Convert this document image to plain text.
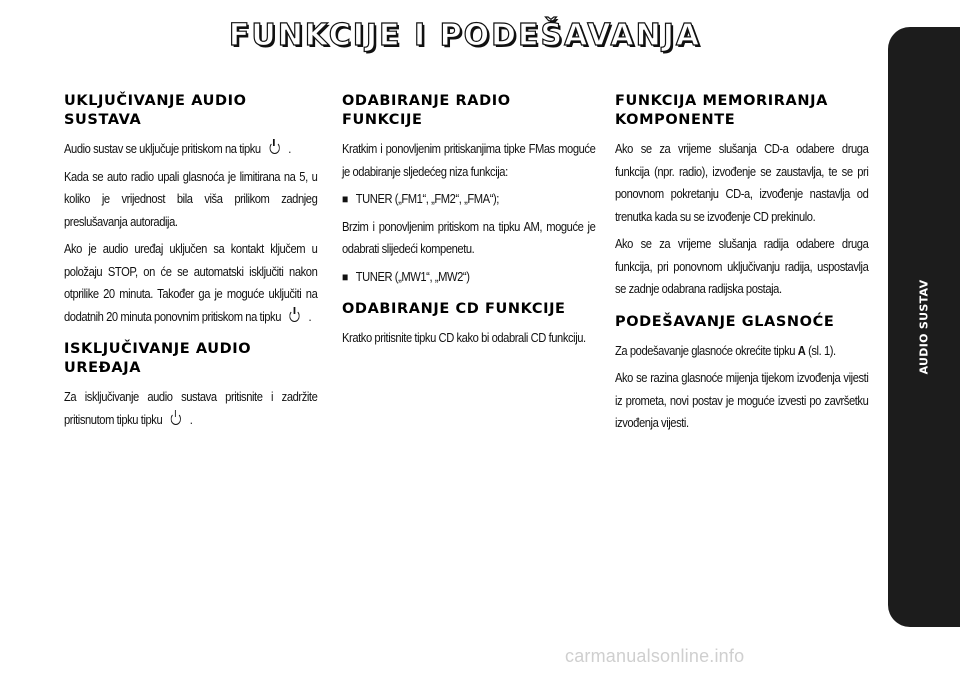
FUNKCIJE I PODEŠAVANJA
UKLJUČIVANJE AUDIO SUSTAVA

Audio sustav se uključuje pritiskom na tipku .

Kada se auto radio upali glasnoća je limitirana na 5, u koliko je vrijednost bila viša prilikom zadnjeg preslušavanja autoradija.

Ako je audio uređaj uključen sa kontakt ključem u položaju STOP, on će se automatski isključiti nakon otprilike 20 minuta. Također ga je moguće uključiti na dodatnih 20 minuta ponovnim pritiskom na tipku .

ISKLJUČIVANJE AUDIO UREĐAJA

Za isključivanje audio sustava pritisnite i zadržite pritisnutom tipku tipku .

ODABIRANJE RADIO FUNKCIJE

Kratkim i ponovljenim pritiskanjima tipke FMas moguće je odabiranje sljedećeg niza funkcija:

■ TUNER („FM1“, „FM2“, „FMA“);

Brzim i ponovljenim pritiskom na tipku AM, moguće je odabrati slijedeći kompenetu.

■ TUNER („MW1“, „MW2“)

ODABIRANJE CD FUNKCIJE

Kratko pritisnite tipku CD kako bi odabrali CD funkciju.

FUNKCIJA MEMORIRANJA KOMPONENTE

Ako se za vrijeme slušanja CD-a odabere druga funkcija (npr. radio), izvođenje se zaustavlja, te se pri ponovnom pokretanju CD-a, izvođenje nastavlja od trenutka kada su se izvođenje CD prekinulo.

Ako se za vrijeme slušanja radija odabere druga funkcija, pri ponovnom uključivanju radija, uspostavlja se zadnje odabrana radijska postaja.

PODEŠAVANJE GLASNOĆE

Za podešavanje glasnoće okrećite tipku A (sl. 1).

Ako se razina glasnoće mijenja tijekom izvođenja vijesti iz prometa, novi postav je moguće izvesti po završetku izvođenja vijesti.

AUDIO SUSTAV
257
carmanualsonline.info
